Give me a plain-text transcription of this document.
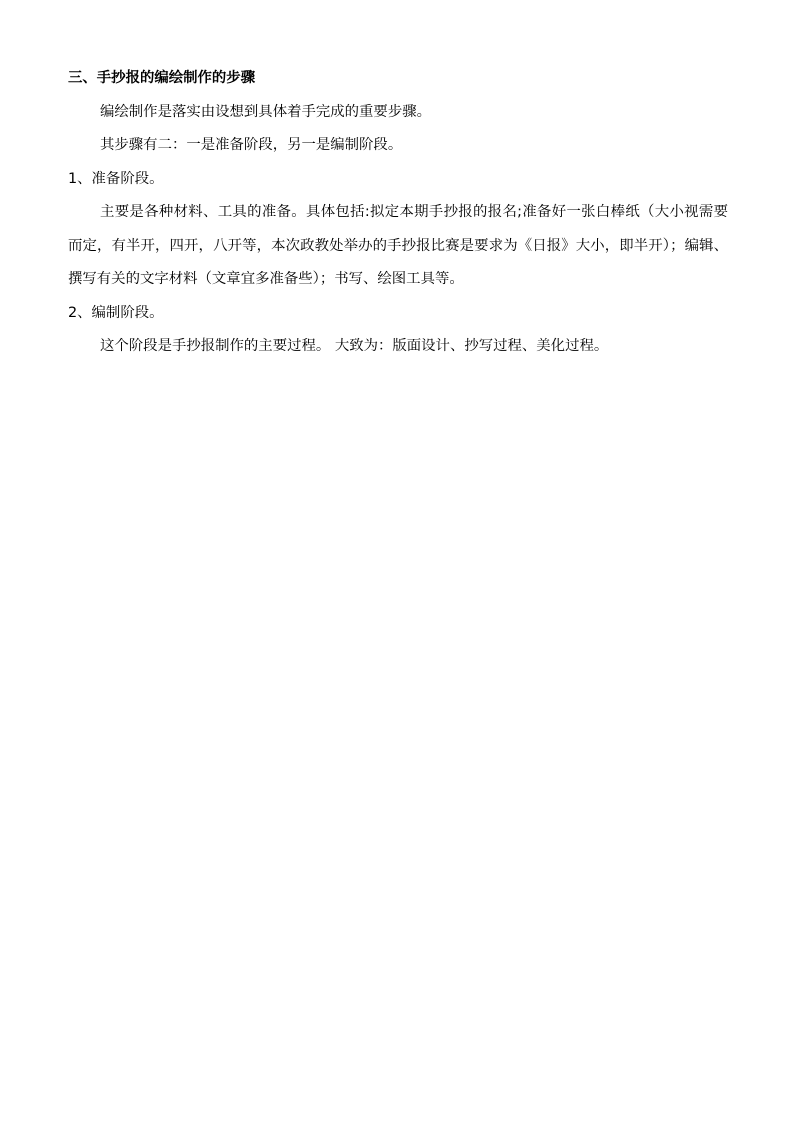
三、手抄报的编绘制作的步骤

编绘制作是落实由设想到具体着手完成的重要步骤。

其步骤有二：一是准备阶段，另一是编制阶段。

1、准备阶段。

主要是各种材料、工具的准备。具体包括:拟定本期手抄报的报名;准备好一张白棒纸（大小视需要而定，有半开，四开，八开等，本次政教处举办的手抄报比赛是要求为《日报》大小，即半开）；编辑、撰写有关的文字材料（文章宜多准备些）；书写、绘图工具等。

2、编制阶段。

这个阶段是手抄报制作的主要过程。 大致为：版面设计、抄写过程、美化过程。
